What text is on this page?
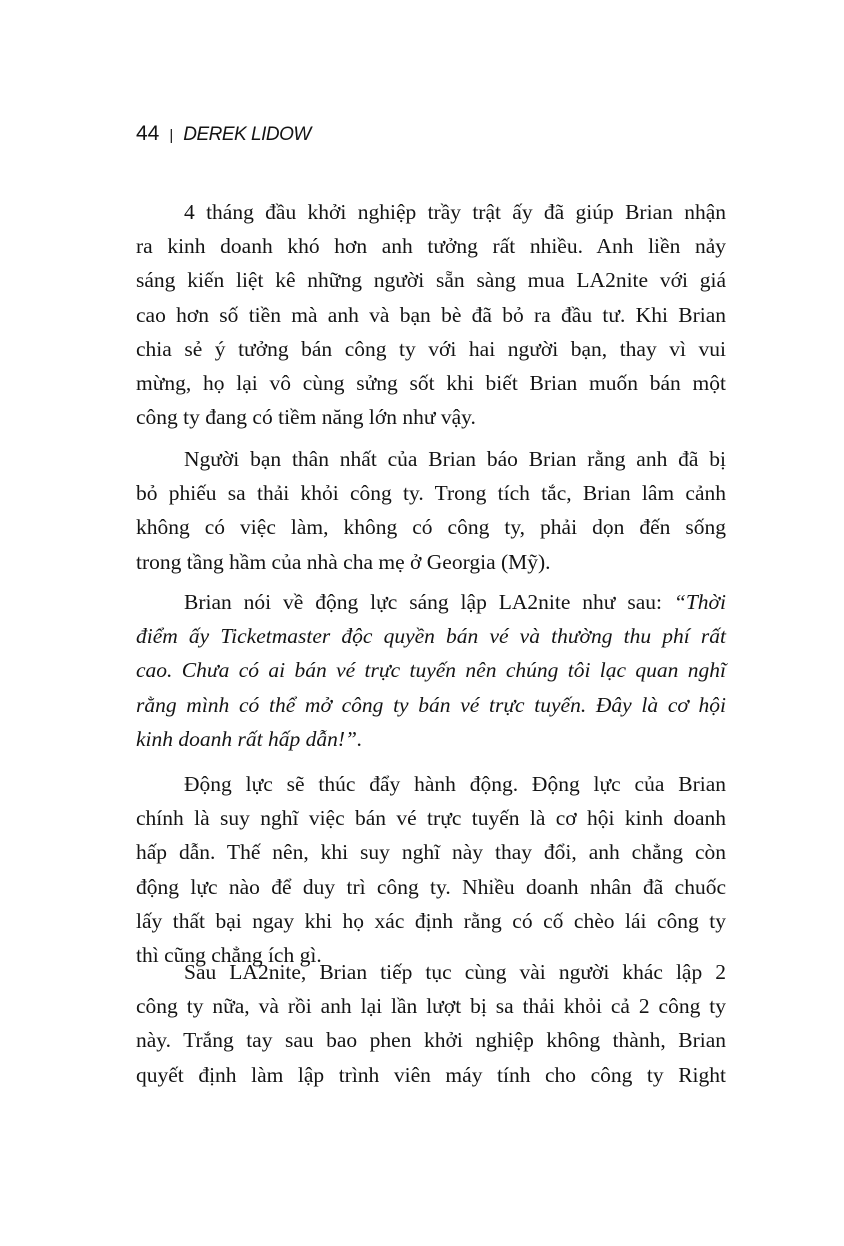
44 | DEREK LIDOW
4 tháng đầu khởi nghiệp trầy trật ấy đã giúp Brian nhận
ra kinh doanh khó hơn anh tưởng rất nhiều. Anh liền nảy
sáng kiến liệt kê những người sẵn sàng mua LA2nite với giá
cao hơn số tiền mà anh và bạn bè đã bỏ ra đầu tư. Khi Brian
chia sẻ ý tưởng bán công ty với hai người bạn, thay vì vui
mừng, họ lại vô cùng sửng sốt khi biết Brian muốn bán một
công ty đang có tiềm năng lớn như vậy.
Người bạn thân nhất của Brian báo Brian rằng anh đã bị
bỏ phiếu sa thải khỏi công ty. Trong tích tắc, Brian lâm cảnh
không có việc làm, không có công ty, phải dọn đến sống
trong tầng hầm của nhà cha mẹ ở Georgia (Mỹ).
Brian nói về động lực sáng lập LA2nite như sau: “Thời
điểm ấy Ticketmaster độc quyền bán vé và thường thu phí rất
cao. Chưa có ai bán vé trực tuyến nên chúng tôi lạc quan nghĩ
rằng mình có thể mở công ty bán vé trực tuyến. Đây là cơ hội
kinh doanh rất hấp dẫn!”.
Động lực sẽ thúc đẩy hành động. Động lực của Brian
chính là suy nghĩ việc bán vé trực tuyến là cơ hội kinh doanh
hấp dẫn. Thế nên, khi suy nghĩ này thay đổi, anh chẳng còn
động lực nào để duy trì công ty. Nhiều doanh nhân đã chuốc
lấy thất bại ngay khi họ xác định rằng có cố chèo lái công ty
thì cũng chẳng ích gì.
Sau LA2nite, Brian tiếp tục cùng vài người khác lập 2
công ty nữa, và rồi anh lại lần lượt bị sa thải khỏi cả 2 công ty
này. Trắng tay sau bao phen khởi nghiệp không thành, Brian
quyết định làm lập trình viên máy tính cho công ty Right
